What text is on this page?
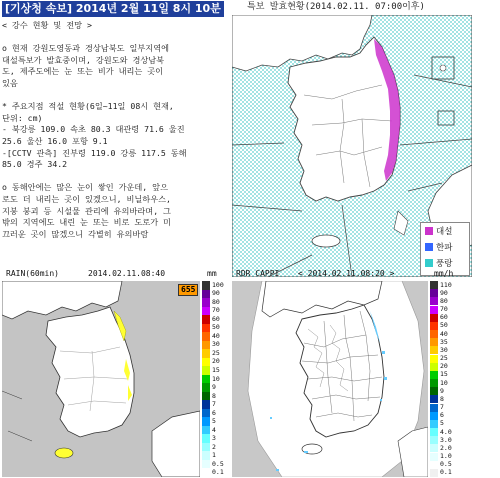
[기상청 속보] 2014년 2월 11일 8시 10분
< 강수 현황 및 전망 >

o 현재 강원도영동과 경상남북도 일부지역에
대설특보가 발효중이며, 강원도와 경상남북
도, 제주도에는 눈 또는 비가 내리는 곳이
있음

* 주요지점 적설 현황(6일~11일 08시 현재,
단위: cm)
- 북강릉 109.0 속초 80.3 대관령 71.6 울진
25.6 울산 16.0 포항 9.1
-[CCTV 관측] 진부령 119.0 강릉 117.5 동해
85.0 경주 34.2

o 동해안에는 많은 눈이 쌓인 가운데, 앞으
로도 더 내리는 곳이 있겠으니, 비닐하우스,
지붕 붕괴 등 시설물 관리에 유의바라며, 그
밖의 지역에도 내린 눈 또는 비로 도로가 미
끄러운 곳이 많겠으니 각별히 유의바람
특보 발효현황(2014.02.11. 07:00이후)
대설
한파
풍랑
RAIN(60min)	2014.02.11.08:40	mm
655
100
90
80
70
60
50
40
30
25
20
15
10
9
8
7
6
5
4
3
2
1
0.5
0.1
RDR CAPPI < 2014.02.11.08:20 >	mm/h
110
90
80
70
60
50
40
35
30
25
20
15
10
9
8
7
6
5
4.0
3.0
2.0
1.0
0.5
0.1
